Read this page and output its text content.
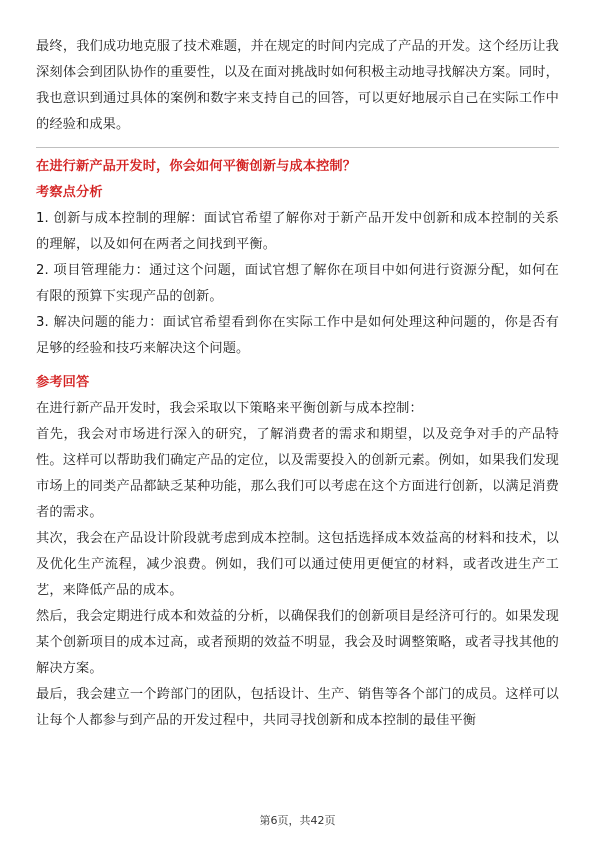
最终，我们成功地克服了技术难题，并在规定的时间内完成了产品的开发。这个经历让我深刻体会到团队协作的重要性，以及在面对挑战时如何积极主动地寻找解决方案。同时，我也意识到通过具体的案例和数字来支持自己的回答，可以更好地展示自己在实际工作中的经验和成果。

在进行新产品开发时，你会如何平衡创新与成本控制？

考察点分析

1. 创新与成本控制的理解：面试官希望了解你对于新产品开发中创新和成本控制的关系的理解，以及如何在两者之间找到平衡。

2. 项目管理能力：通过这个问题，面试官想了解你在项目中如何进行资源分配，如何在有限的预算下实现产品的创新。

3. 解决问题的能力：面试官希望看到你在实际工作中是如何处理这种问题的，你是否有足够的经验和技巧来解决这个问题。

参考回答

在进行新产品开发时，我会采取以下策略来平衡创新与成本控制：

首先，我会对市场进行深入的研究，了解消费者的需求和期望，以及竞争对手的产品特性。这样可以帮助我们确定产品的定位，以及需要投入的创新元素。例如，如果我们发现市场上的同类产品都缺乏某种功能，那么我们可以考虑在这个方面进行创新，以满足消费者的需求。

其次，我会在产品设计阶段就考虑到成本控制。这包括选择成本效益高的材料和技术，以及优化生产流程，减少浪费。例如，我们可以通过使用更便宜的材料，或者改进生产工艺，来降低产品的成本。

然后，我会定期进行成本和效益的分析，以确保我们的创新项目是经济可行的。如果发现某个创新项目的成本过高，或者预期的效益不明显，我会及时调整策略，或者寻找其他的解决方案。

最后，我会建立一个跨部门的团队，包括设计、生产、销售等各个部门的成员。这样可以让每个人都参与到产品的开发过程中，共同寻找创新和成本控制的最佳平衡

第6页，共42页
